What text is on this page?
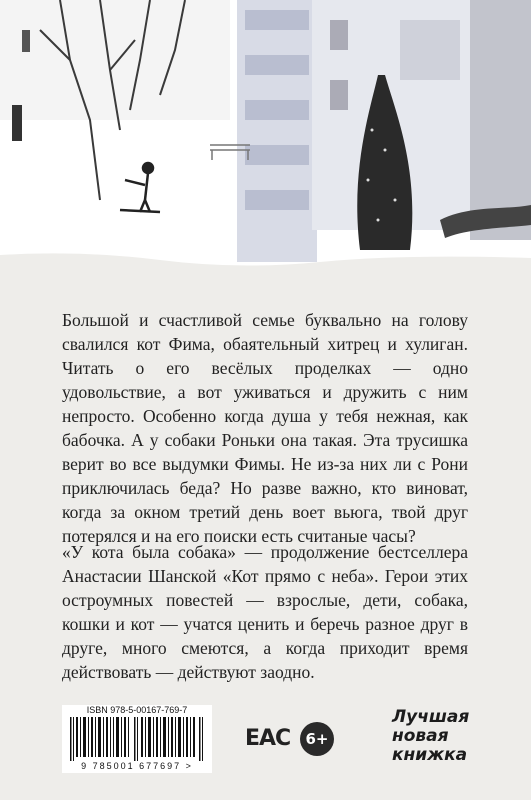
Большой и счастливой семье буквально на голову свалился кот Фима, обаятельный хитрец и хулиган. Читать о его весёлых проделках — одно удовольствие, а вот уживаться и дружить с ним непросто. Особенно когда душа у тебя нежная, как бабочка. А у собаки Роньки она такая. Эта трусишка верит во все выдумки Фимы. Не из-за них ли с Рони приключилась беда? Но разве важно, кто виноват, когда за окном третий день воет вьюга, твой друг потерялся и на его поиски есть считаные часы?

«У кота была собака» — продолжение бестселлера Анастасии Шанской «Кот прямо с неба». Герои этих остроумных повестей — взрослые, дети, собака, кошки и кот — учатся ценить и беречь разное друг в друге, много смеются, а когда приходит время действовать — действуют заодно.

ISBN 978-5-00167-769-7
9 785001 677697 >
ЕАС	6+
Лучшая
новая
книжка
